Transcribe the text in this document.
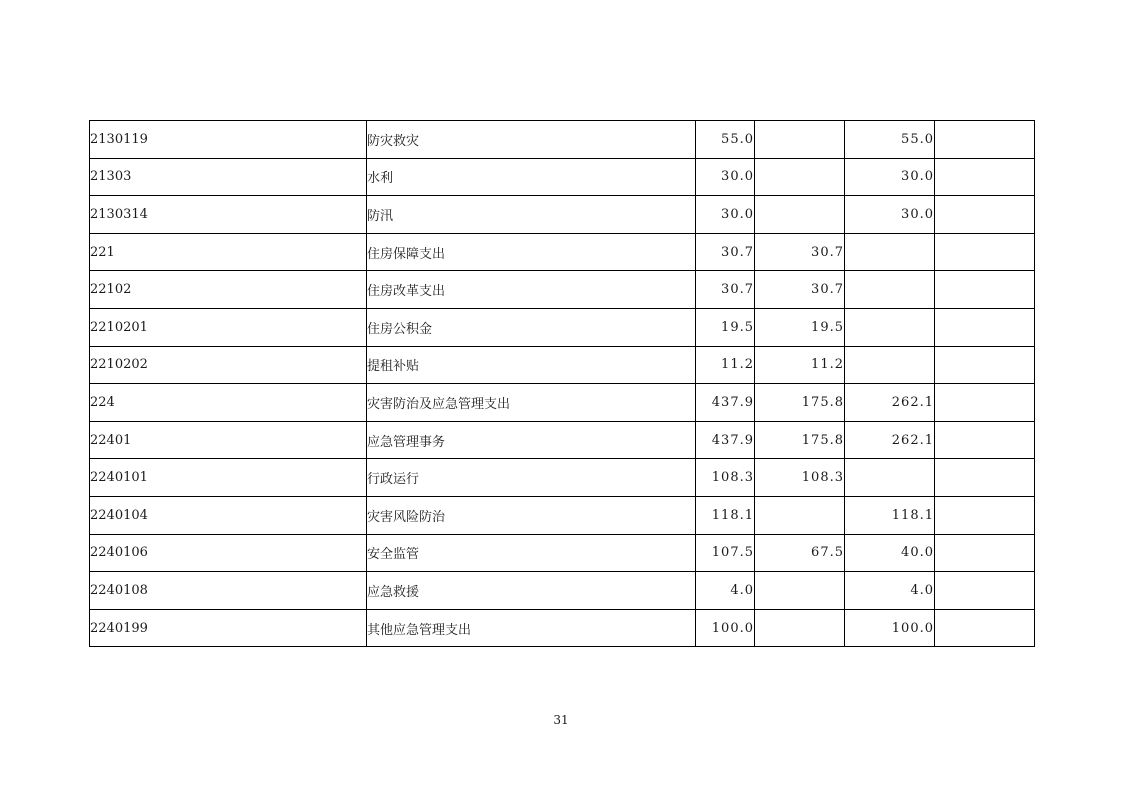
2130119	防灾救灾	55.0		55.0	
21303	水利	30.0		30.0	
2130314	防汛	30.0		30.0	
221	住房保障支出	30.7	30.7		
22102	住房改革支出	30.7	30.7		
2210201	住房公积金	19.5	19.5		
2210202	提租补贴	11.2	11.2		
224	灾害防治及应急管理支出	437.9	175.8	262.1	
22401	应急管理事务	437.9	175.8	262.1	
2240101	行政运行	108.3	108.3		
2240104	灾害风险防治	118.1		118.1	
2240106	安全监管	107.5	67.5	40.0	
2240108	应急救援	4.0		4.0	
2240199	其他应急管理支出	100.0		100.0	
31
